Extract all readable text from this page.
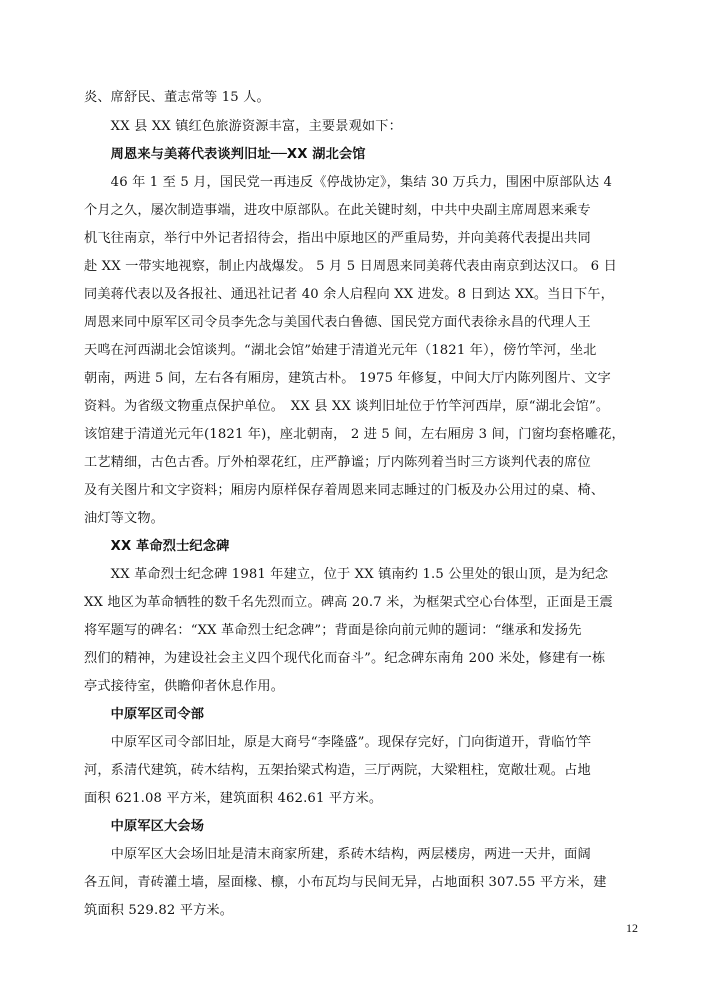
炎、席舒民、董志常等 15 人。
　　XX 县 XX 镇红色旅游资源丰富，主要景观如下：
　　周恩来与美蒋代表谈判旧址──XX 湖北会馆
　　46 年 1 至 5 月，国民党一再违反《停战协定》，集结 30 万兵力，围困中原部队达 4
个月之久，屡次制造事端，进攻中原部队。在此关键时刻，中共中央副主席周恩来乘专
机飞往南京，举行中外记者招待会，指出中原地区的严重局势，并向美蒋代表提出共同
赴 XX 一带实地视察，制止内战爆发。 5 月 5 日周恩来同美蒋代表由南京到达汉口。 6 日
同美蒋代表以及各报社、通迅社记者 40 余人启程向 XX 进发。8 日到达 XX。当日下午，
周恩来同中原军区司令员李先念与美国代表白鲁德、国民党方面代表徐永昌的代理人王
天鸣在河西湖北会馆谈判。“湖北会馆”始建于清道光元年（1821 年），傍竹竿河，坐北
朝南，两进 5 间，左右各有厢房，建筑古朴。 1975 年修复，中间大厅内陈列图片、文字
资料。为省级文物重点保护单位。　XX 县 XX 谈判旧址位于竹竿河西岸，原“湖北会馆”。
该馆建于清道光元年(1821 年)，座北朝南， 2 进 5 间，左右厢房 3 间，门窗均套格雕花，
工艺精细，古色古香。厅外柏翠花红，庄严静谧；厅内陈列着当时三方谈判代表的席位
及有关图片和文字资料；厢房内原样保存着周恩来同志睡过的门板及办公用过的桌、椅、
油灯等文物。
　　XX 革命烈士纪念碑
　　XX 革命烈士纪念碑 1981 年建立，位于 XX 镇南约 1.5 公里处的银山顶，是为纪念
XX 地区为革命牺牲的数千名先烈而立。碑高 20.7 米，为框架式空心台体型，正面是王震
将军题写的碑名：“XX 革命烈士纪念碑”；背面是徐向前元帅的题词：“继承和发扬先
烈们的精神，为建设社会主义四个现代化而奋斗”。纪念碑东南角 200 米处，修建有一栋
亭式接待室，供瞻仰者休息作用。
　　中原军区司令部
　　中原军区司令部旧址，原是大商号“李隆盛”。现保存完好，门向街道开，背临竹竿
河，系清代建筑，砖木结构，五架抬梁式构造，三厅两院，大梁粗柱，宽敞壮观。占地
面积 621.08 平方米，建筑面积 462.61 平方米。
　　中原军区大会场
　　中原军区大会场旧址是清末商家所建，系砖木结构，两层楼房，两进一天井，面阔
各五间，青砖灌土墙，屋面椽、檩，小布瓦均与民间无异，占地面积 307.55 平方米，建
筑面积 529.82 平方米。
12
